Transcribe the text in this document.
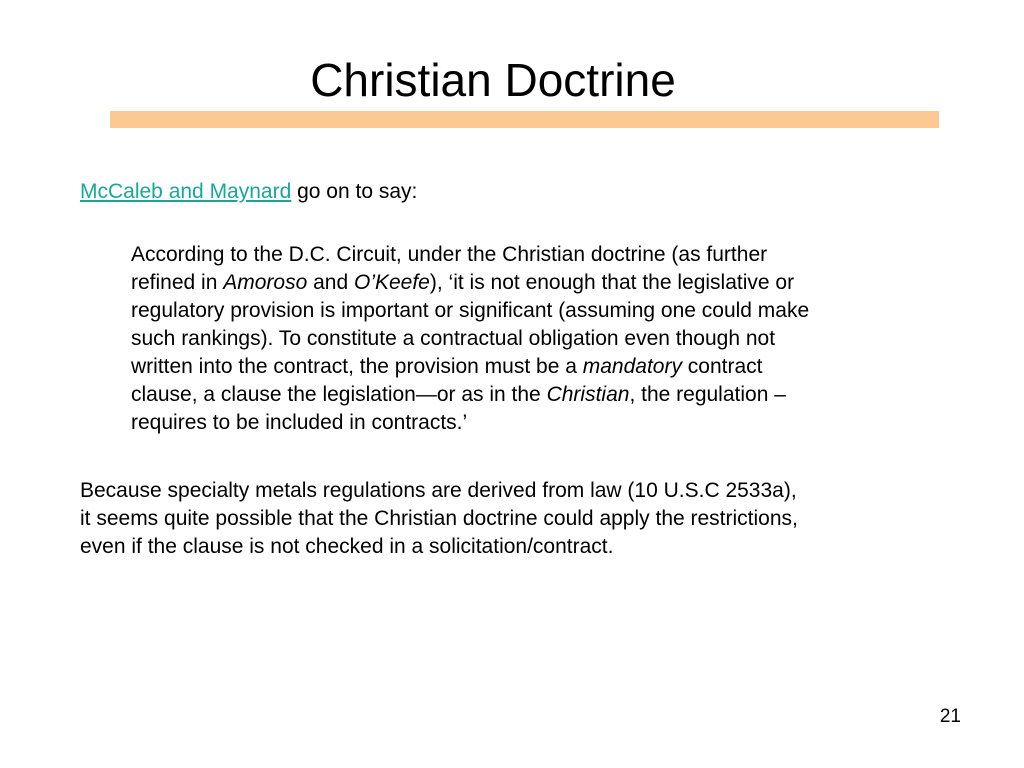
Christian Doctrine
McCaleb and Maynard go on to say:
According to the D.C. Circuit, under the Christian doctrine (as further
refined in Amoroso and O’Keefe), ‘it is not enough that the legislative or
regulatory provision is important or significant (assuming one could make
such rankings). To constitute a contractual obligation even though not
written into the contract, the provision must be a mandatory contract
clause, a clause the legislation—or as in the Christian, the regulation –
requires to be included in contracts.’
Because specialty metals regulations are derived from law (10 U.S.C 2533a),
it seems quite possible that the Christian doctrine could apply the restrictions,
even if the clause is not checked in a solicitation/contract.
21
